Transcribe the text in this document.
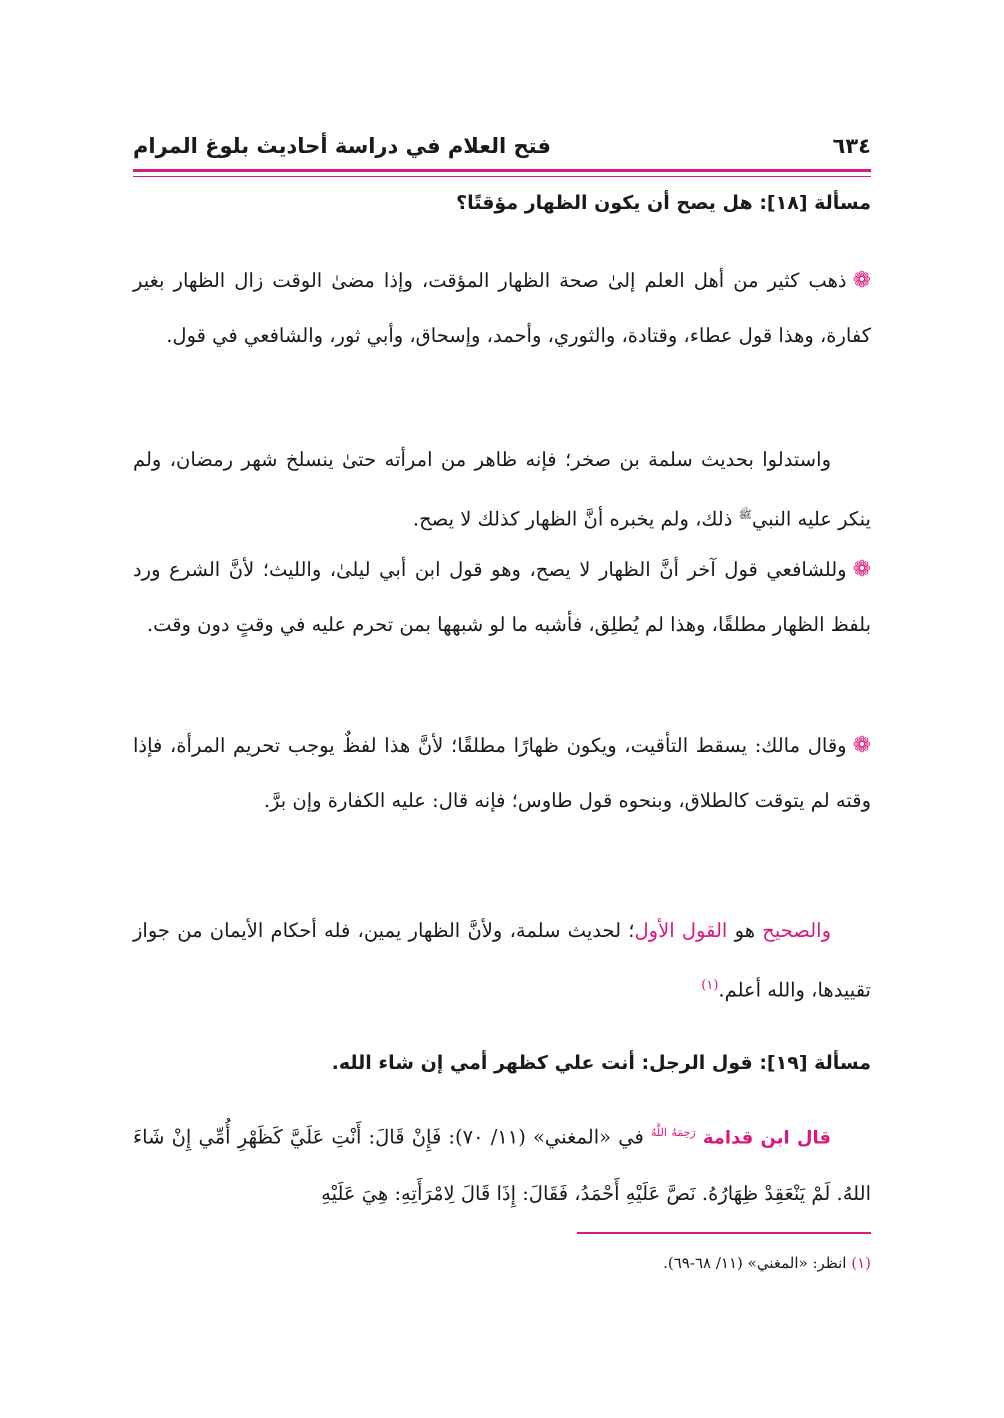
٦٣٤
فتح العلام في دراسة أحاديث بلوغ المرام
مسألة [١٨]: هل يصح أن يكون الظهار مؤقتًا؟
❁ذهب كثير من أهل العلم إلىٰ صحة الظهار المؤقت، وإذا مضىٰ الوقت زال الظهار بغير كفارة، وهذا قول عطاء، وقتادة، والثوري، وأحمد، وإسحاق، وأبي ثور، والشافعي في قول.
واستدلوا بحديث سلمة بن صخر؛ فإنه ظاهر من امرأته حتىٰ ينسلخ شهر رمضان، ولم ينكر عليه النبي$^ﷺ$ ذلك، ولم يخبره أنَّ الظهار كذلك لا يصح.
❁وللشافعي قول آخر أنَّ الظهار لا يصح، وهو قول ابن أبي ليلىٰ، والليث؛ لأنَّ الشرع ورد بلفظ الظهار مطلقًا، وهذا لم يُطلِق، فأشبه ما لو شبهها بمن تحرم عليه في وقتٍ دون وقت.
❁وقال مالك: يسقط التأقيت، ويكون ظهارًا مطلقًا؛ لأنَّ هذا لفظٌ يوجب تحريم المرأة، فإذا وقته لم يتوقت كالطلاق، وبنحوه قول طاوس؛ فإنه قال: عليه الكفارة وإن برَّ.
والصحيح هو القول الأول؛ لحديث سلمة، ولأنَّ الظهار يمين، فله أحكام الأيمان من جواز تقييدها، والله أعلم.$^{(١)}$
مسألة [١٩]: قول الرجل: أنت علي كظهر أمي إن شاء الله.
قال ابن قدامة $^{رَحِمَهُ اللَّهُ}$ في «المغني» (١١/ ٧٠): فَإِنْ قَالَ: أَنْتِ عَلَيَّ كَظَهْرِ أُمِّي إِنْ شَاءَ اللهُ. لَمْ يَنْعَقِدْ ظِهَارُهُ. نَصَّ عَلَيْهِ أَحْمَدُ، فَقَالَ: إِذَا قَالَ لِامْرَأَتِهِ: هِيَ عَلَيْهِ
(١) انظر: «المغني» (١١/ ٦٨-٦٩).
